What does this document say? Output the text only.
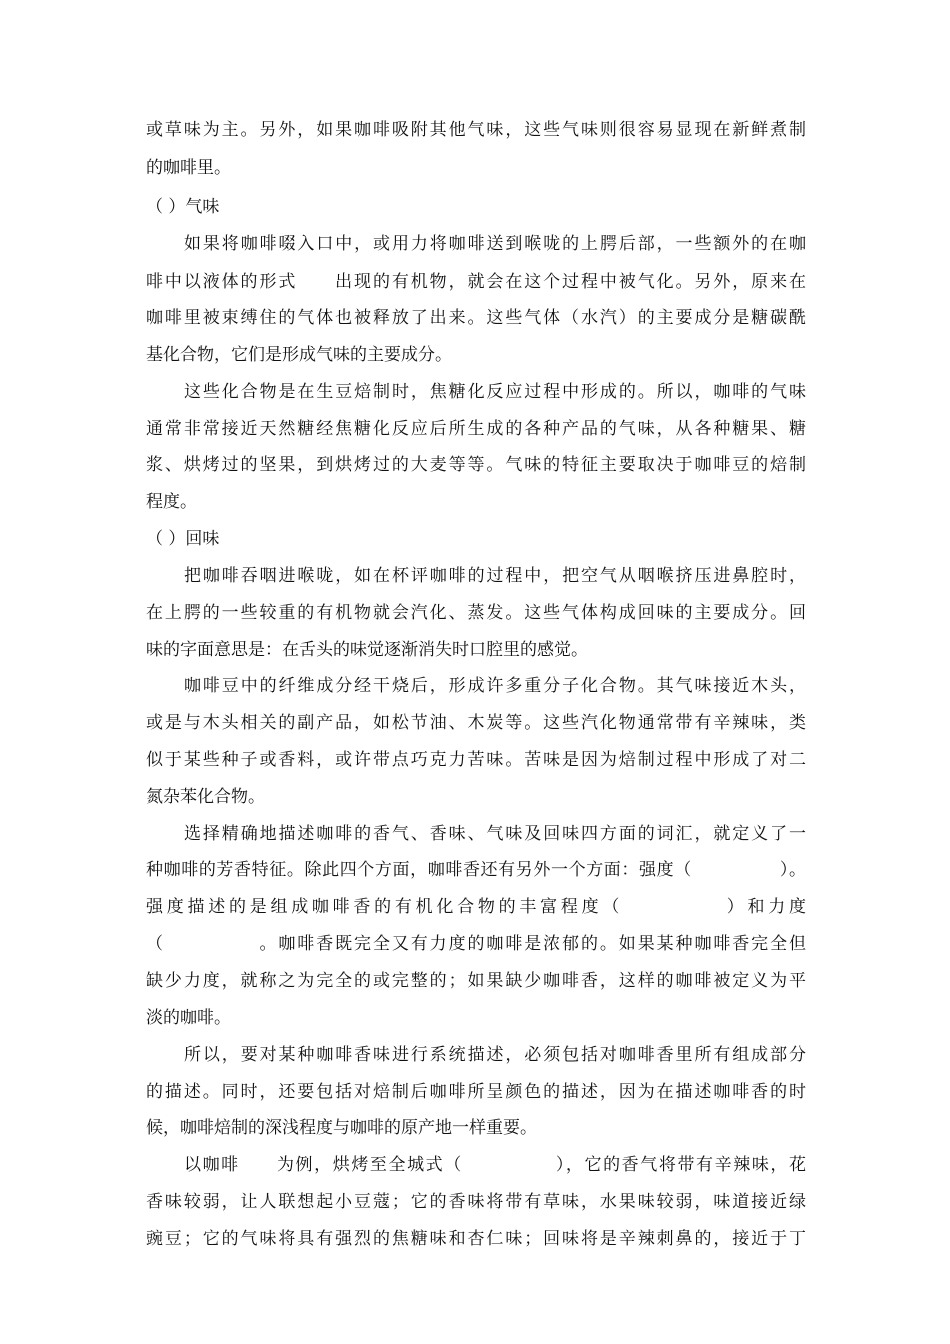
或草味为主。另外，如果咖啡吸附其他气味，这些气味则很容易显现在新鲜煮制
的咖啡里。
（ ）气味
如果将咖啡啜入口中，或用力将咖啡送到喉咙的上腭后部，一些额外的在咖
啡中以液体的形式　　出现的有机物，就会在这个过程中被气化。另外，原来在
咖啡里被束缚住的气体也被释放了出来。这些气体（水汽）的主要成分是糖碳酰
基化合物，它们是形成气味的主要成分。
这些化合物是在生豆焙制时，焦糖化反应过程中形成的。所以，咖啡的气味
通常非常接近天然糖经焦糖化反应后所生成的各种产品的气味，从各种糖果、糖
浆、烘烤过的坚果，到烘烤过的大麦等等。气味的特征主要取决于咖啡豆的焙制
程度。
（ ）回味
把咖啡吞咽进喉咙，如在杯评咖啡的过程中，把空气从咽喉挤压进鼻腔时，
在上腭的一些较重的有机物就会汽化、蒸发。这些气体构成回味的主要成分。回
味的字面意思是：在舌头的味觉逐渐消失时口腔里的感觉。
咖啡豆中的纤维成分经干烧后，形成许多重分子化合物。其气味接近木头，
或是与木头相关的副产品，如松节油、木炭等。这些汽化物通常带有辛辣味，类
似于某些种子或香料，或许带点巧克力苦味。苦味是因为焙制过程中形成了对二
氮杂苯化合物。
选择精确地描述咖啡的香气、香味、气味及回味四方面的词汇，就定义了一
种咖啡的芳香特征。除此四个方面，咖啡香还有另外一个方面：强度（　　　　　）。
强度描述的是组成咖啡香的有机化合物的丰富程度（　　　　　）和力度
（　　　　　。咖啡香既完全又有力度的咖啡是浓郁的。如果某种咖啡香完全但
缺少力度，就称之为完全的或完整的；如果缺少咖啡香，这样的咖啡被定义为平
淡的咖啡。
所以，要对某种咖啡香味进行系统描述，必须包括对咖啡香里所有组成部分
的描述。同时，还要包括对焙制后咖啡所呈颜色的描述，因为在描述咖啡香的时
候，咖啡焙制的深浅程度与咖啡的原产地一样重要。
以咖啡　　为例，烘烤至全城式（　　　　　），它的香气将带有辛辣味，花
香味较弱，让人联想起小豆蔻；它的香味将带有草味，水果味较弱，味道接近绿
豌豆；它的气味将具有强烈的焦糖味和杏仁味；回味将是辛辣刺鼻的，接近于丁
